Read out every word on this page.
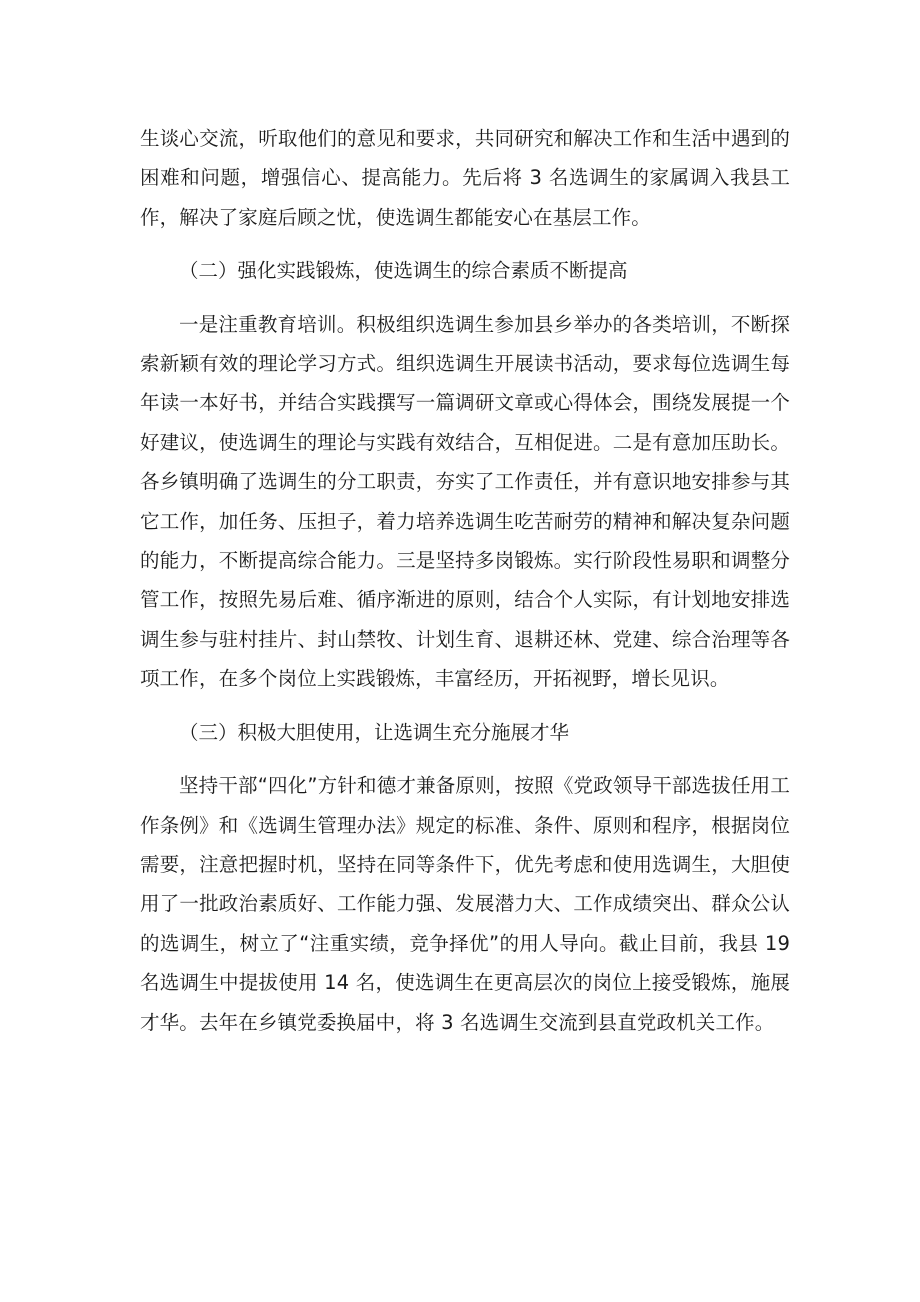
生谈心交流，听取他们的意见和要求，共同研究和解决工作和生活中遇到的困难和问题，增强信心、提高能力。先后将 3 名选调生的家属调入我县工作，解决了家庭后顾之忧，使选调生都能安心在基层工作。

（二）强化实践锻炼，使选调生的综合素质不断提高

一是注重教育培训。积极组织选调生参加县乡举办的各类培训，不断探索新颖有效的理论学习方式。组织选调生开展读书活动，要求每位选调生每年读一本好书，并结合实践撰写一篇调研文章或心得体会，围绕发展提一个好建议，使选调生的理论与实践有效结合，互相促进。二是有意加压助长。各乡镇明确了选调生的分工职责，夯实了工作责任，并有意识地安排参与其它工作，加任务、压担子，着力培养选调生吃苦耐劳的精神和解决复杂问题的能力，不断提高综合能力。三是坚持多岗锻炼。实行阶段性易职和调整分管工作，按照先易后难、循序渐进的原则，结合个人实际，有计划地安排选调生参与驻村挂片、封山禁牧、计划生育、退耕还林、党建、综合治理等各项工作，在多个岗位上实践锻炼，丰富经历，开拓视野，增长见识。

（三）积极大胆使用，让选调生充分施展才华

坚持干部“四化”方针和德才兼备原则，按照《党政领导干部选拔任用工作条例》和《选调生管理办法》规定的标准、条件、原则和程序，根据岗位需要，注意把握时机，坚持在同等条件下，优先考虑和使用选调生，大胆使用了一批政治素质好、工作能力强、发展潜力大、工作成绩突出、群众公认的选调生，树立了“注重实绩，竞争择优”的用人导向。截止目前，我县 19 名选调生中提拔使用 14 名，使选调生在更高层次的岗位上接受锻炼，施展才华。去年在乡镇党委换届中，将 3 名选调生交流到县直党政机关工作。
